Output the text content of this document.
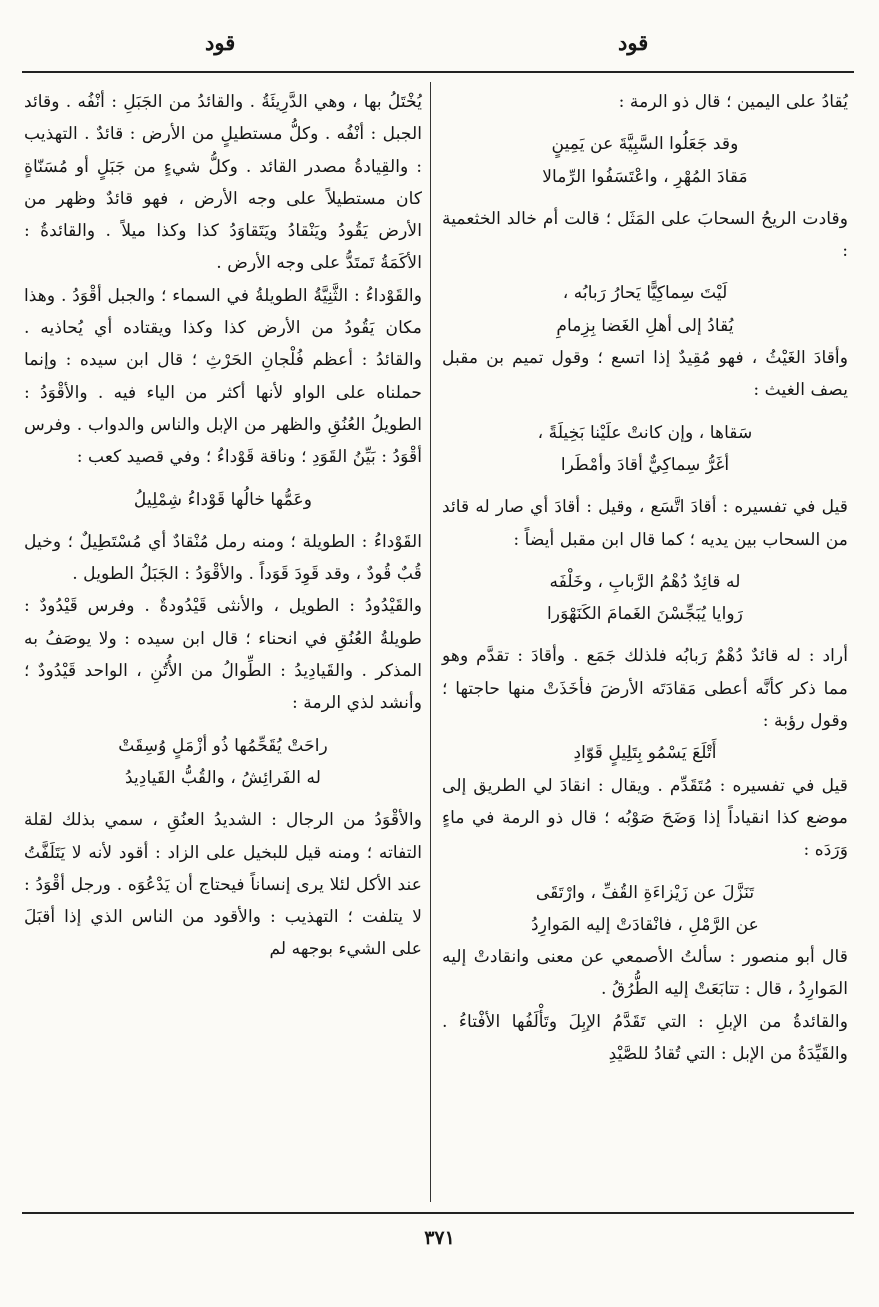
قود	قود

يُقادُ على اليمين ؛ قال ذو الرمة :

وقد جَعَلُوا السَّبِيَّةَ عن يَمِينٍ
مَقادَ المُهْرِ ، واعْتَسَفُوا الرِّمالا

وقادت الريحُ السحابَ على المَثَل ؛ قالت أم خالد الخثعمية :

لَيْتَ سِماكِيًّا يَحارُ رَبابُه ،
يُقادُ إلى أهلِ الغَضا بِزِمامِ

وأقادَ الغَيْثُ ، فهو مُقِيدٌ إذا اتسع ؛ وقول تميم بن مقبل يصف الغيث :

سَقاها ، وإن كانتْ علَيْنا بَخِيلَةً ،
أغَرُّ سِماكِيٌّ أقادَ وأمْطَرا

قيل في تفسيره : أقادَ اتَّسَع ، وقيل : أقادَ أي صار له قائد من السحاب بين يديه ؛ كما قال ابن مقبل أيضاً :

له قائِدٌ دُهْمُ الرَّبابِ ، وخَلْفَه
رَوايا يُبَجِّسْنَ الغَمامَ الكَنَهْوَرا

أراد : له قائدٌ دُهْمٌ رَبابُه فلذلك جَمَع . وأقادَ : تقدَّم وهو مما ذكر كأنَّه أعطى مَقادَتَه الأرضَ فأخَذَتْ منها حاجتها ؛ وقول رؤبة :

أَتْلَعَ يَسْمُو بِتَلِيلٍ قَوّادِ

قيل في تفسيره : مُتَقَدِّم . ويقال : انقادَ لي الطريق إلى موضع كذا انقياداً إذا وَضَحَ صَوْبُه ؛ قال ذو الرمة في ماءٍ وَرَدَه :

تَنَزَّلَ عن زَيْزاءَةِ القُفِّ ، وارْتَقَى
عن الرَّمْلِ ، فانْقادَتْ إليه المَوارِدُ

قال أبو منصور : سألتُ الأصمعي عن معنى وانقادتْ إليه المَوارِدُ ، قال : تتابَعَتْ إليه الطُّرُقُ .

والقائدةُ من الإبلِ : التي تَقَدَّمُ الإبِلَ وتَأْلَفُها الأفْتاءُ . والقَيِّدَةُ من الإبل : التي تُقادُ للصَّيْدِ

يُخْتَلُ بها ، وهي الدَّرِيئَةُ . والقائدُ من الجَبَلِ : أنْفُه . وقائد الجبل : أنْفُه . وكلُّ مستطيلٍ من الأرض : قائدٌ . التهذيب : والقِيادةُ مصدر القائد . وكلُّ شيءٍ من جَبَلٍ أو مُسَنّاةٍ كان مستطيلاً على وجه الأرض ، فهو قائدٌ وظهر من الأرض يَقُودُ ويَنْقادُ ويَتَقاوَدُ كذا وكذا ميلاً . والقائدةُ : الأكَمَةُ تَمتَدُّ على وجه الأرض .

والقَوْداءُ : الثَّنِيَّةُ الطويلةُ في السماء ؛ والجبل أقْوَدُ . وهذا مكان يَقُودُ من الأرض كذا وكذا ويقتاده أي يُحاذيه . والقائدُ : أعظم فُلْجانِ الحَرْثِ ؛ قال ابن سيده : وإنما حملناه على الواو لأنها أكثر من الياء فيه . والأقْوَدُ : الطويلُ العُنُقِ والظهر من الإبل والناس والدواب . وفرس أقْوَدُ : بَيِّنُ القَوَدِ ؛ وناقة قَوْداءُ ؛ وفي قصيد كعب :

وعَمُّها خالُها قَوْداءُ شِمْلِيلُ

القَوْداءُ : الطويلة ؛ ومنه رمل مُنْقادٌ أي مُسْتَطِيلٌ ؛ وخيل قُبٌ قُودٌ ، وقد قَوِدَ قَوَداً . والأقْوَدُ : الجَبَلُ الطويل .

والقَيْدُودُ : الطويل ، والأنثى قَيْدُودةٌ . وفرس قَيْدُودٌ : طويلةُ العُنُقِ في انحناء ؛ قال ابن سيده : ولا يوصَفُ به المذكر . والقَيادِيدُ : الطِّوالُ من الأُتُنِ ، الواحد قَيْدُودٌ ؛ وأنشد لذي الرمة :

راحَتْ يُقَحِّمُها ذُو أزْمَلٍ وُسِقَتْ
له الفَرائِشُ ، والقُبُّ القَيادِيدُ

والأقْوَدُ من الرجال : الشديدُ العنُقِ ، سمي بذلك لقلة التفاته ؛ ومنه قيل للبخيل على الزاد : أقود لأنه لا يَتَلَفَّتُ عند الأكل لئلا يرى إنساناً فيحتاج أن يَدْعُوَه . ورجل أقْوَدُ : لا يتلفت ؛ التهذيب : والأقود من الناس الذي إذا أقبَلَ على الشيء بوجهه لم

٣٧١
